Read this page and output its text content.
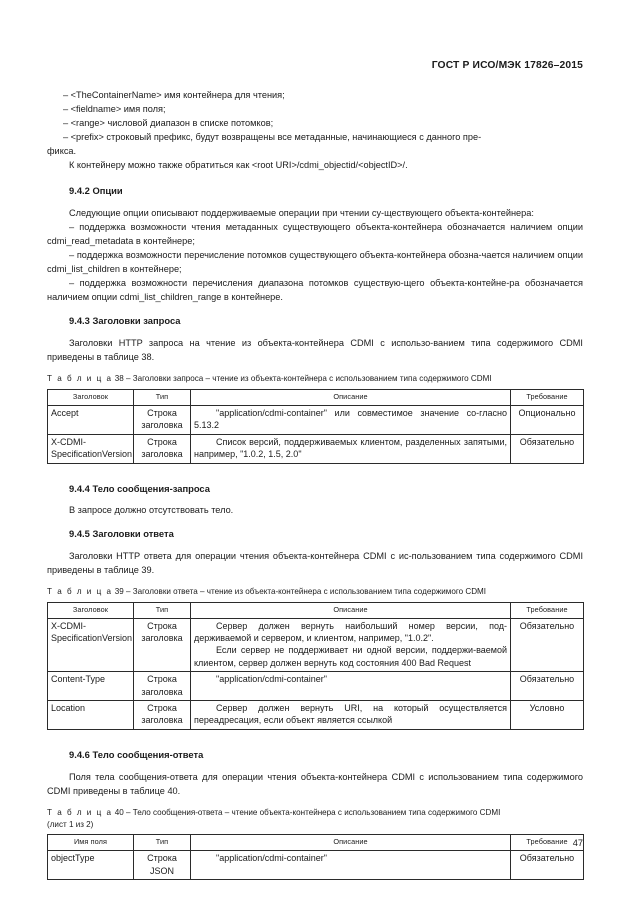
ГОСТ Р ИСО/МЭК 17826–2015

– <TheContainerName> имя контейнера для чтения;

– <fieldname> имя поля;

– <range> числовой диапазон в списке потомков;

– <prefix> строковый префикс, будут возвращены все метаданные, начинающиеся с данного пре-

фикса.

К контейнеру можно также обратиться как <root URI>/cdmi_objectid/<objectID>/.

9.4.2 Опции

Следующие опции описывают поддерживаемые операции при чтении су-ществующего объекта-контейнера:

– поддержка возможности чтения метаданных существующего объекта-контейнера обозначается наличием опции cdmi_read_metadata в контейнере;

– поддержка возможности перечисление потомков существующего объекта-контейнера обозна-чается наличием опции cdmi_list_children в контейнере;

– поддержка возможности перечисления диапазона потомков существую-щего объекта-контейне-ра обозначается наличием опции cdmi_list_children_range в контейнере.

9.4.3 Заголовки запроса

Заголовки HTTP запроса на чтение из объекта-контейнера CDMI с использо-ванием типа содержимого CDMI приведены в таблице 38.

Т а б л и ц а 38 – Заголовки запроса – чтение из объекта-контейнера с использованием типа содержимого CDMI

Заголовок	Тип	Описание	Требование
Accept	Строка заголовка	"application/cdmi-container" или совместимое значение со-гласно 5.13.2	Опционально
X-CDMI-SpecificationVersion	Строка заголовка	Список версий, поддерживаемых клиентом, разделенных запятыми, например, "1.0.2, 1.5, 2.0"	Обязательно

9.4.4 Тело сообщения-запроса

В запросе должно отсутствовать тело.

9.4.5 Заголовки ответа

Заголовки HTTP ответа для операции чтения объекта-контейнера CDMI с ис-пользованием типа содержимого CDMI приведены в таблице 39.

Т а б л и ц а 39 – Заголовки ответа – чтение из объекта-контейнера с использованием типа содержимого CDMI

Заголовок	Тип	Описание	Требование
X-CDMI-SpecificationVersion	Строка заголовка	Сервер должен вернуть наибольший номер версии, под-держиваемой и сервером, и клиентом, например, "1.0.2".
Если сервер не поддерживает ни одной версии, поддержи-ваемой клиентом, сервер должен вернуть код состояния 400 Bad Request	Обязательно
Content-Type	Строка заголовка	"application/cdmi-container"	Обязательно
Location	Строка заголовка	Сервер должен вернуть URI, на который осуществляется переадресация, если объект является ссылкой	Условно

9.4.6 Тело сообщения-ответа

Поля тела сообщения-ответа для операции чтения объекта-контейнера CDMI с использованием типа содержимого CDMI приведены в таблице 40.

Т а б л и ц а 40 – Тело сообщения-ответа – чтение объекта-контейнера с использованием типа содержимого CDMI
(лист 1 из 2)

Имя поля	Тип	Описание	Требование
objectType	Строка JSON	"application/cdmi-container"	Обязательно
47
